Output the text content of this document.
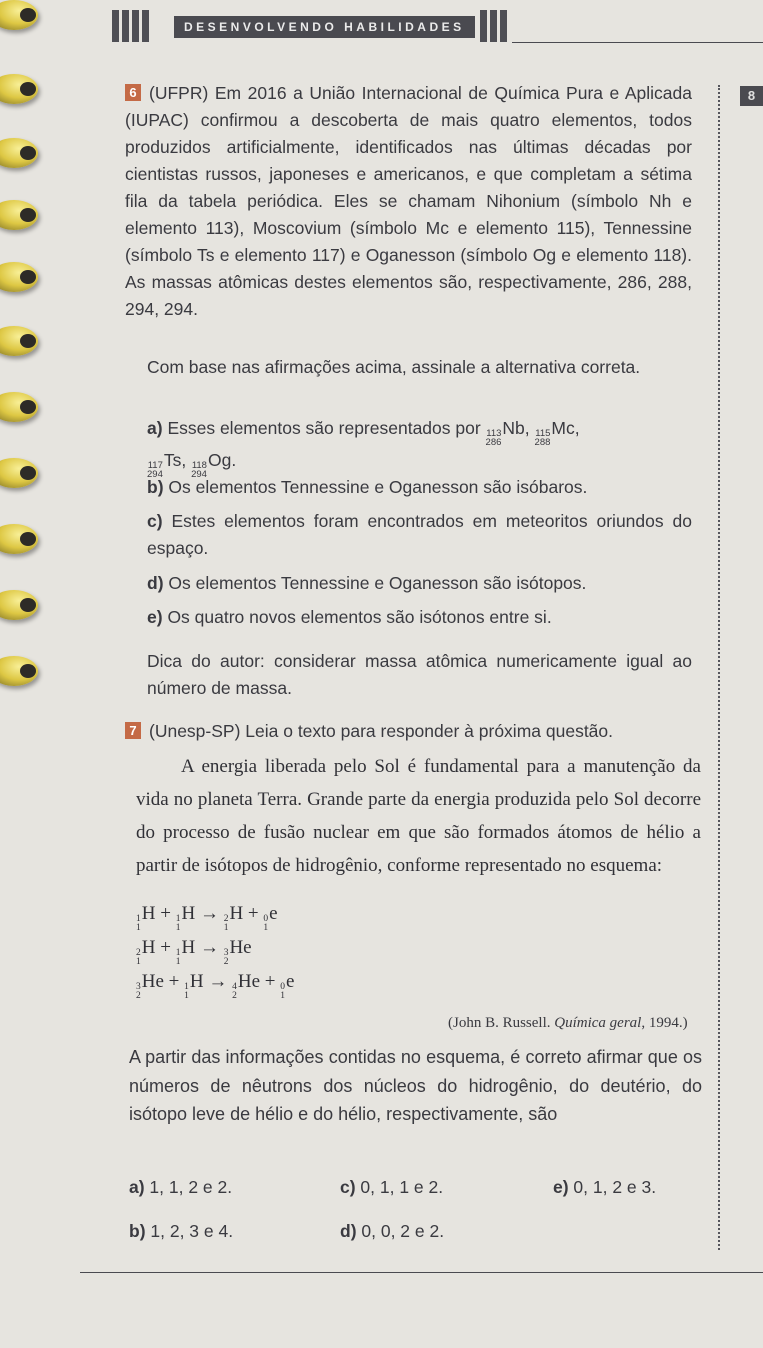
DESENVOLVENDO HABILIDADES
8
6 (UFPR) Em 2016 a União Internacional de Química Pura e Aplicada (IUPAC) confirmou a descoberta de mais quatro elementos, todos produzidos artificialmente, identificados nas últimas décadas por cientistas russos, japoneses e americanos, e que completam a sétima fila da tabela periódica. Eles se chamam Nihonium (símbolo Nh e elemento 113), Moscovium (símbolo Mc e elemento 115), Tennessine (símbolo Ts e elemento 117) e Oganesson (símbolo Og e elemento 118). As massas atômicas destes elementos são, respectivamente, 286, 288, 294, 294.
Com base nas afirmações acima, assinale a alternativa correta.
a) Esses elementos são representados por 113
286
Nb, 115
288
Mc,

117
294
Ts, 118
294
Og.
b) Os elementos Tennessine e Oganesson são isóbaros.
c) Estes elementos foram encontrados em meteoritos oriundos do espaço.
d) Os elementos Tennessine e Oganesson são isótopos.
e) Os quatro novos elementos são isótonos entre si.
Dica do autor: considerar massa atômica numericamente igual ao número de massa.
7 (Unesp-SP) Leia o texto para responder à próxima questão.
A energia liberada pelo Sol é fundamental para a manutenção da vida no planeta Terra. Grande parte da energia produzida pelo Sol decorre do processo de fusão nuclear em que são formados átomos de hélio a partir de isótopos de hidrogênio, conforme representado no esquema:
1
1
H + 1
1
H → 2
1
H + 0
1
e
2
1
H + 1
1
H → 3
2
He
3
2
He + 1
1
H → 4
2
He + 0
1
e
(John B. Russell. Química geral, 1994.)
A partir das informações contidas no esquema, é correto afirmar que os números de nêutrons dos núcleos do hidrogênio, do deutério, do isótopo leve de hélio e do hélio, respectivamente, são
a) 1, 1, 2 e 2.	c) 0, 1, 1 e 2.	e) 0, 1, 2 e 3.
b) 1, 2, 3 e 4.	d) 0, 0, 2 e 2.
